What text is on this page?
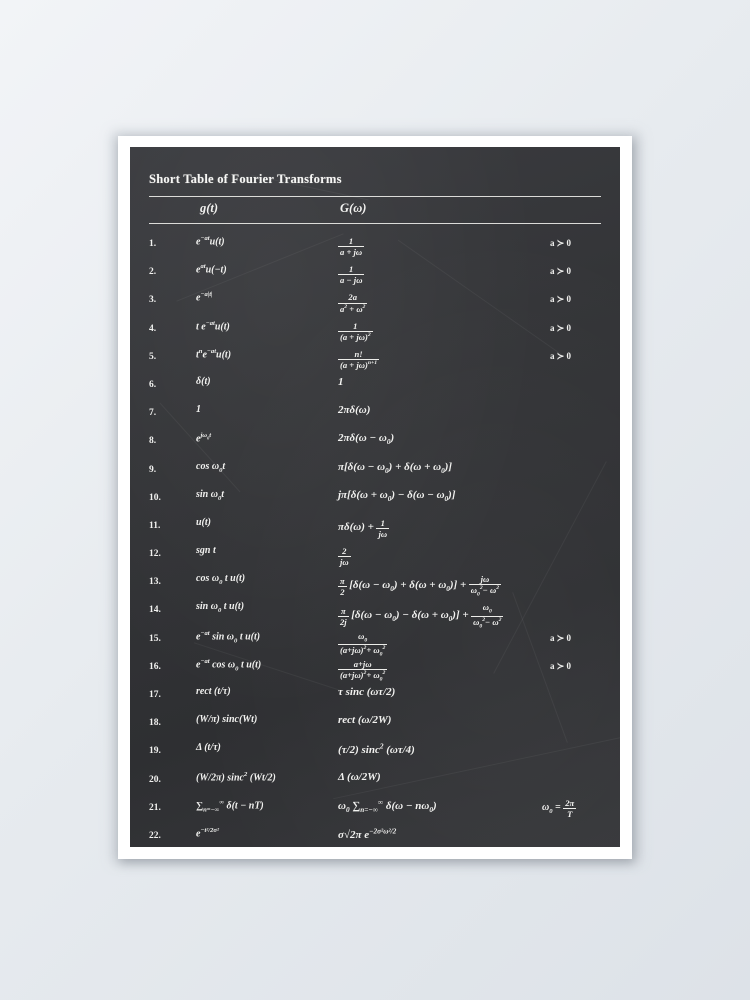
Short Table of Fourier Transforms
g(t)	G(ω)
1.	$e^{-at}u(t)$	$\frac{1}{a + j\omega}$	a ≻ 0
2.	$e^{at}u(-t)$	$\frac{1}{a - j\omega}$	a ≻ 0
3.	$e^{-a|t|}$	$\frac{2a}{a^2 + \omega^2}$	a ≻ 0
4.	t $e^{-at}u(t)$	$\frac{1}{(a + j\omega)^2}$	a ≻ 0
5.	$t^ne^{-at}u(t)$	$\frac{n!}{(a + j\omega)^{n+1}}$	a ≻ 0
6.	δ(t)	1
7.	1	2πδ(ω)
8.	$e^{j\omega_0t}$	$2\pi\delta(\omega - \omega_0)$
9.	$\cos \omega_0t$	$\pi[\delta(\omega - \omega_0) + \delta(\omega + \omega_0)]$
10.	$\sin \omega_0t$	$j\pi[\delta(\omega + \omega_0) - \delta(\omega - \omega_0)]$
11.	u(t)	$\pi\delta(\omega) + \frac{1}{j\omega}$
12.	sgn t	$\frac{2}{j\omega}$
13.	$\cos \omega_0$ t u(t)	$\frac{\pi}{2} [\delta(\omega - \omega_0) + \delta(\omega + \omega_0)] + \frac{j\omega}{\omega_0^2- \omega^2}$
14.	$\sin \omega_0$ t u(t)	$\frac{\pi}{2j} [\delta(\omega - \omega_0) - \delta(\omega + \omega_0)] + \frac{\omega_0}{\omega_0^2- \omega^2}$
15.	$e^{-at}$ $\sin \omega_0$ t u(t)	$\frac{\omega_0}{(a+j\omega)^2+ \omega_0^2}$	a ≻ 0
16.	$e^{-at}$ $\cos \omega_0$ t u(t)	$\frac{a+j\omega}{(a+j\omega)^2+ \omega_0^2}$	a ≻ 0
17.	rect (t/τ)	τ sinc (ωτ/2)
18.	(W/π) sinc(Wt)	rect (ω/2W)
19.	Δ (t/τ)	(τ/2) sinc$^2$ (ωτ/4)
20.	(W/2π) sinc$^2$ (Wt/2)	Δ (ω/2W)
21.	$\sum_{n=-\infty}^\infty$ δ(t − nT)	$\omega_0$ $\sum_{n=-\infty}^\infty$ $\delta(\omega - n\omega_0)$	$\omega_0 = \frac{2\pi}{T}$
22.	$e^{-t^2/2\sigma^2}$	σ√2π $e^{-2\sigma^2\omega^2/2}$
